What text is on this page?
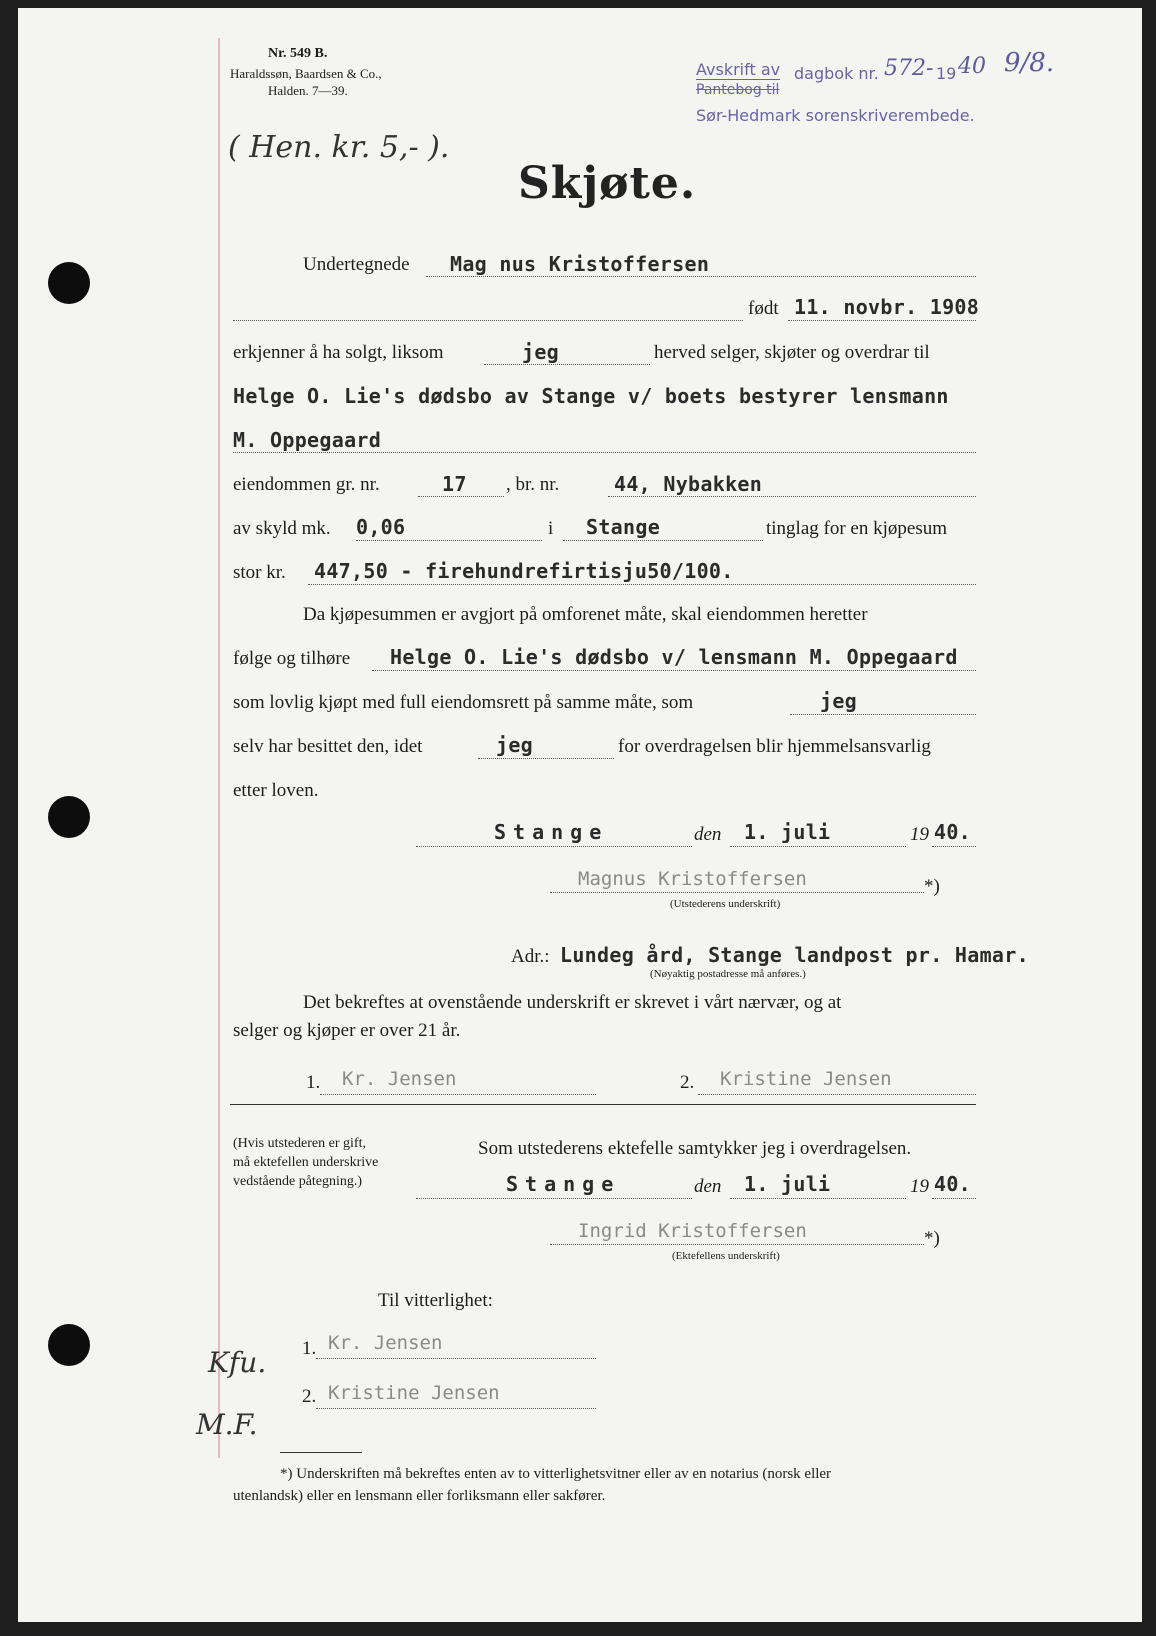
Nr. 549 B.
Haraldssøn, Baardsen & Co.,
Halden. 7—39.
Avskrift av
Pantebog til
dagbok nr. 572- 19 40 9/8.
Sør-Hedmark sorenskriverembede.
( Hen. kr. 5,- ).
Skjøte.
Undertegnede Mag nus Kristoffersen
født 11. novbr. 1908
erkjenner å ha solgt, liksom	jeg	herved selger, skjøter og overdrar til
Helge O. Lie's dødsbo av Stange v/ boets bestyrer lensmann
M. Oppegaard
eiendommen gr. nr.	17 , br. nr.	44, Nybakken
av skyld mk. 0,06	i Stange	tinglag for en kjøpesum
stor kr. 447,50 - firehundrefirtisju50/100.
Da kjøpesummen er avgjort på omforenet måte, skal eiendommen heretter
følge og tilhøre Helge O. Lie's dødsbo v/ lensmann M. Oppegaard
som lovlig kjøpt med full eiendomsrett på samme måte, som	jeg
selv har besittet den, idet	jeg	for overdragelsen blir hjemmelsansvarlig
etter loven.
Stange	den 1. juli	19 40.
Magnus Kristoffersen	*)
(Utstederens underskrift)
Adr.: Lundeg ård, Stange landpost pr. Hamar.
(Nøyaktig postadresse må anføres.)
Det bekreftes at ovenstående underskrift er skrevet i vårt nærvær, og at
selger og kjøper er over 21 år.
1. Kr. Jensen	2. Kristine Jensen
(Hvis utstederen er gift,
må ektefellen underskrive
vedstående påtegning.)
Som utstederens ektefelle samtykker jeg i overdragelsen.
Stange	den 1. juli	19 40.
Ingrid Kristoffersen	*)
(Ektefellens underskrift)
Til vitterlighet:
1. Kr. Jensen
2. Kristine Jensen
Kfu.
M.F.
*) Underskriften må bekreftes enten av to vitterlighetsvitner eller av en notarius (norsk eller
utenlandsk) eller en lensmann eller forliksmann eller sakfører.
